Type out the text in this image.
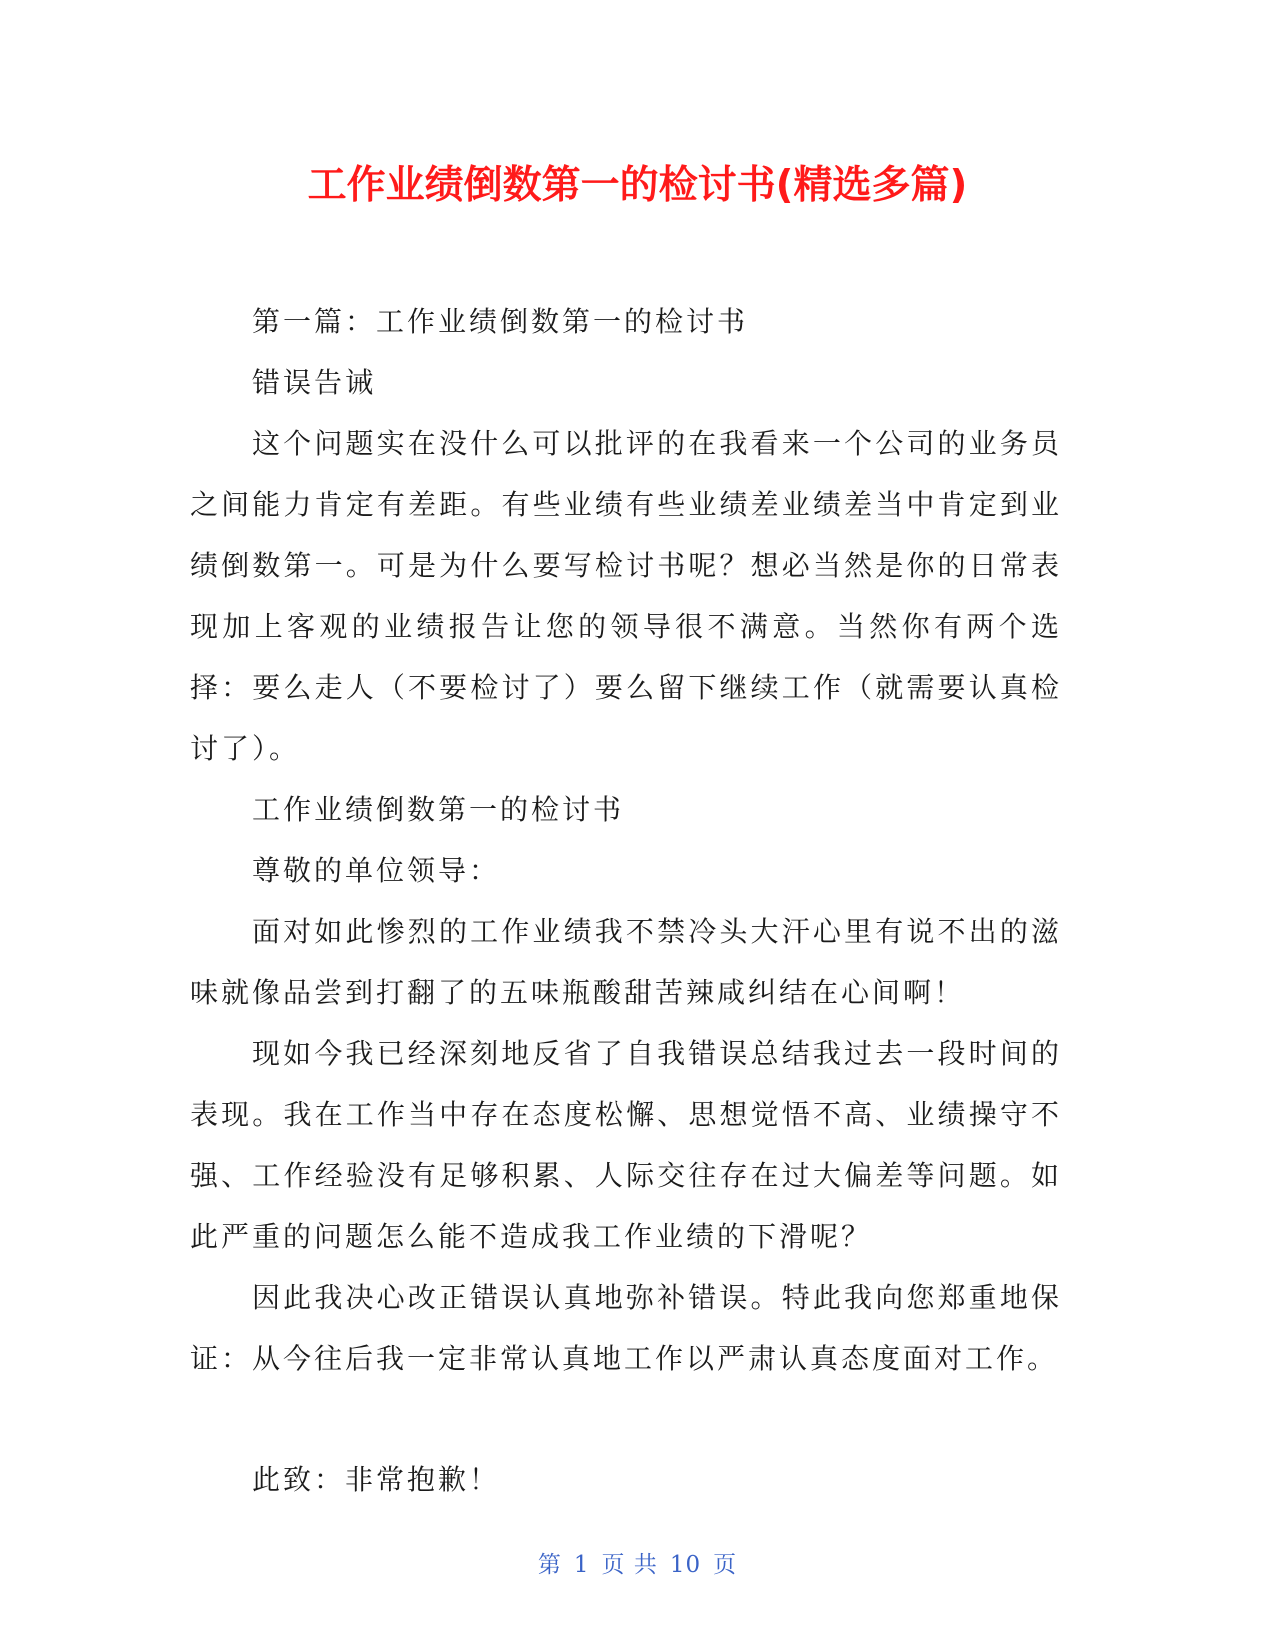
工作业绩倒数第一的检讨书(精选多篇)

第一篇：工作业绩倒数第一的检讨书

错误告诫

这个问题实在没什么可以批评的在我看来一个公司的业务员之间能力肯定有差距。有些业绩有些业绩差业绩差当中肯定到业绩倒数第一。可是为什么要写检讨书呢？想必当然是你的日常表现加上客观的业绩报告让您的领导很不满意。当然你有两个选择：要么走人（不要检讨了）要么留下继续工作（就需要认真检讨了）。

工作业绩倒数第一的检讨书

尊敬的单位领导：

面对如此惨烈的工作业绩我不禁冷头大汗心里有说不出的滋味就像品尝到打翻了的五味瓶酸甜苦辣咸纠结在心间啊！

现如今我已经深刻地反省了自我错误总结我过去一段时间的表现。我在工作当中存在态度松懈、思想觉悟不高、业绩操守不强、工作经验没有足够积累、人际交往存在过大偏差等问题。如此严重的问题怎么能不造成我工作业绩的下滑呢？

因此我决心改正错误认真地弥补错误。特此我向您郑重地保证：从今往后我一定非常认真地工作以严肃认真态度面对工作。

此致：非常抱歉！

第 1 页 共 10 页
